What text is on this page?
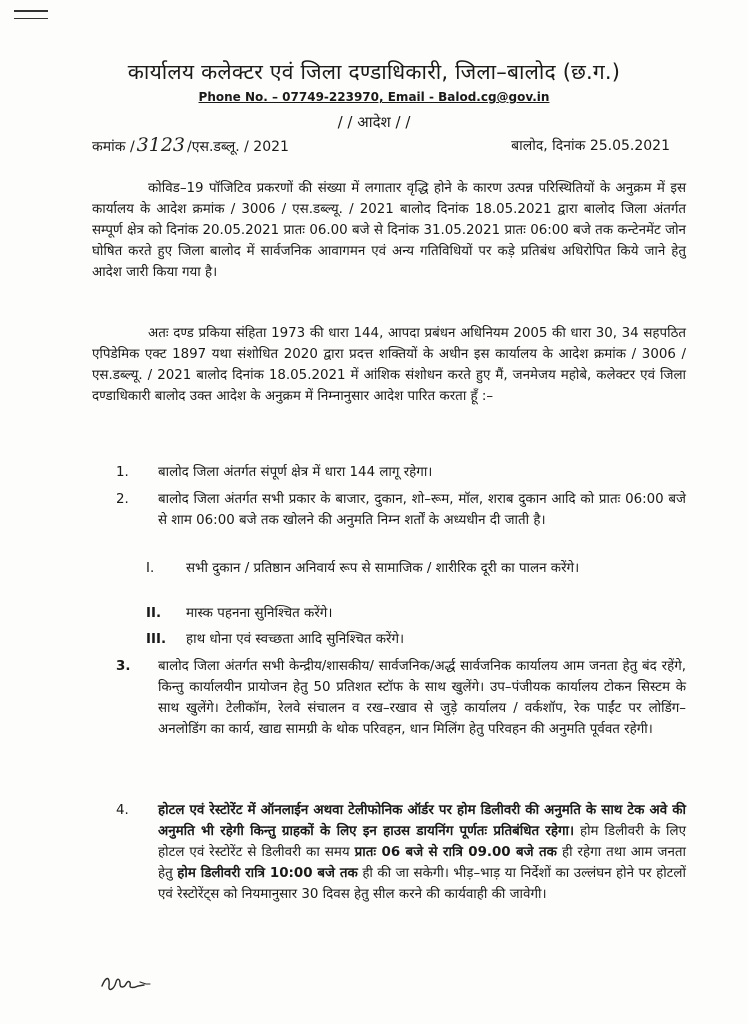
कार्यालय कलेक्टर एवं जिला दण्डाधिकारी, जिला–बालोद (छ.ग.)
Phone No. – 07749-223970, Email - Balod.cg@gov.in
/ / आदेश / /
कमांक / 3123 /एस.डब्लू. / 2021	बालोद, दिनांक 25.05.2021

कोविड–19 पॉजिटिव प्रकरणों की संख्या में लगातार वृद्धि होने के कारण उत्पन्न परिस्थितियों के अनुक्रम में इस कार्यालय के आदेश क्रमांक / 3006 / एस.डब्ल्यू. / 2021 बालोद दिनांक 18.05.2021 द्वारा बालोद जिला अंतर्गत सम्पूर्ण क्षेत्र को दिनांक 20.05.2021 प्रातः 06.00 बजे से दिनांक 31.05.2021 प्रातः 06:00 बजे तक कन्टेनमेंट जोन घोषित करते हुए जिला बालोद में सार्वजनिक आवागमन एवं अन्य गतिविधियों पर कड़े प्रतिबंध अधिरोपित किये जाने हेतु आदेश जारी किया गया है।

अतः दण्ड प्रकिया संहिता 1973 की धारा 144, आपदा प्रबंधन अधिनियम 2005 की धारा 30, 34 सहपठित एपिडेमिक एक्ट 1897 यथा संशोधित 2020 द्वारा प्रदत्त शक्तियों के अधीन इस कार्यालय के आदेश क्रमांक / 3006 / एस.डब्ल्यू. / 2021 बालोद दिनांक 18.05.2021 में आंशिक संशोधन करते हुए मैं, जनमेजय महोबे, कलेक्टर एवं जिला दण्डाधिकारी बालोद उक्त आदेश के अनुक्रम में निम्नानुसार आदेश पारित करता हूँ :–

1. बालोद जिला अंतर्गत संपूर्ण क्षेत्र में धारा 144 लागू रहेगा।
2. बालोद जिला अंतर्गत सभी प्रकार के बाजार, दुकान, शो–रूम, मॉल, शराब दुकान आदि को प्रातः 06:00 बजे से शाम 06:00 बजे तक खोलने की अनुमति निम्न शर्तों के अध्यधीन दी जाती है।
I. सभी दुकान / प्रतिष्ठान अनिवार्य रूप से सामाजिक / शारीरिक दूरी का पालन करेंगे।
II. मास्क पहनना सुनिश्चित करेंगे।
III. हाथ धोना एवं स्वच्छता आदि सुनिश्चित करेंगे।
3. बालोद जिला अंतर्गत सभी केन्द्रीय/शासकीय/ सार्वजनिक/अर्द्ध सार्वजनिक कार्यालय आम जनता हेतु बंद रहेंगे, किन्तु कार्यालयीन प्रायोजन हेतु 50 प्रतिशत स्टॉफ के साथ खुलेंगे। उप–पंजीयक कार्यालय टोकन सिस्टम के साथ खुलेंगे। टेलीकॉम, रेलवे संचालन व रख–रखाव से जुड़े कार्यालय / वर्कशॉप, रेक पाईंट पर लोडिंग–अनलोडिंग का कार्य, खाद्य सामग्री के थोक परिवहन, धान मिलिंग हेतु परिवहन की अनुमति पूर्ववत रहेगी।
4. होटल एवं रेस्टोरेंट में ऑनलाईन अथवा टेलीफोनिक ऑर्डर पर होम डिलीवरी की अनुमति के साथ टेक अवे की अनुमति भी रहेगी किन्तु ग्राहकों के लिए इन हाउस डायनिंग पूर्णतः प्रतिबंधित रहेगा। होम डिलीवरी के लिए होटल एवं रेस्टोरेंट से डिलीवरी का समय प्रातः 06 बजे से रात्रि 09.00 बजे तक ही रहेगा तथा आम जनता हेतु होम डिलीवरी रात्रि 10:00 बजे तक ही की जा सकेगी। भीड़–भाड़ या निर्देशों का उल्लंघन होने पर होटलों एवं रेस्टोरेंट्स को नियमानुसार 30 दिवस हेतु सील करने की कार्यवाही की जावेगी।
